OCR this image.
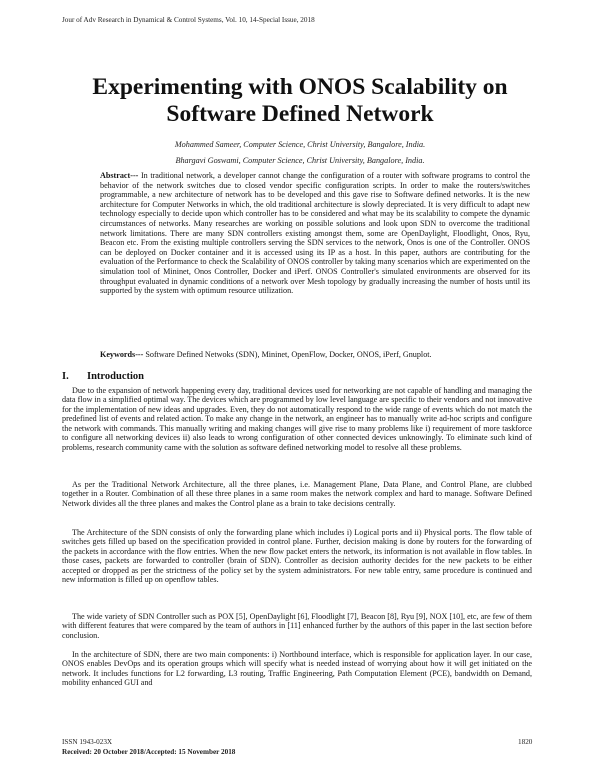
Jour of Adv Research in Dynamical & Control Systems, Vol. 10, 14-Special Issue, 2018
Experimenting with ONOS Scalability on
Software Defined Network
Mohammed Sameer, Computer Science, Christ University, Bangalore, India.
Bhargavi Goswami, Computer Science, Christ University, Bangalore, India.
Abstract--- In traditional network, a developer cannot change the configuration of a router with software programs to control the behavior of the network switches due to closed vendor specific configuration scripts. In order to make the routers/switches programmable, a new architecture of network has to be developed and this gave rise to Software defined networks. It is the new architecture for Computer Networks in which, the old traditional architecture is slowly depreciated. It is very difficult to adapt new technology especially to decide upon which controller has to be considered and what may be its scalability to compete the dynamic circumstances of networks. Many researches are working on possible solutions and look upon SDN to overcome the traditional network limitations. There are many SDN controllers existing amongst them, some are OpenDaylight, Floodlight, Onos, Ryu, Beacon etc. From the existing multiple controllers serving the SDN services to the network, Onos is one of the Controller. ONOS can be deployed on Docker container and it is accessed using its IP as a host. In this paper, authors are contributing for the evaluation of the Performance to check the Scalability of ONOS controller by taking many scenarios which are experimented on the simulation tool of Mininet, Onos Controller, Docker and iPerf. ONOS Controller's simulated environments are observed for its throughput evaluated in dynamic conditions of a network over Mesh topology by gradually increasing the number of hosts until its supported by the system with optimum resource utilization.
Keywords--- Software Defined Netwoks (SDN), Mininet, OpenFlow, Docker, ONOS, iPerf, Gnuplot.
I. Introduction

Due to the expansion of network happening every day, traditional devices used for networking are not capable of handling and managing the data flow in a simplified optimal way. The devices which are programmed by low level language are specific to their vendors and not innovative for the implementation of new ideas and upgrades. Even, they do not automatically respond to the wide range of events which do not match the predefined list of events and related action. To make any change in the network, an engineer has to manually write ad-hoc scripts and configure the network with commands. This manually writing and making changes will give rise to many problems like i) requirement of more taskforce to configure all networking devices ii) also leads to wrong configuration of other connected devices unknowingly. To eliminate such kind of problems, research community came with the solution as software defined networking model to resolve all these problems.

As per the Traditional Network Architecture, all the three planes, i.e. Management Plane, Data Plane, and Control Plane, are clubbed together in a Router. Combination of all these three planes in a same room makes the network complex and hard to manage. Software Defined Network divides all the three planes and makes the Control plane as a brain to take decisions centrally.

The Architecture of the SDN consists of only the forwarding plane which includes i) Logical ports and ii) Physical ports. The flow table of switches gets filled up based on the specification provided in control plane. Further, decision making is done by routers for the forwarding of the packets in accordance with the flow entries. When the new flow packet enters the network, its information is not available in flow tables. In those cases, packets are forwarded to controller (brain of SDN). Controller as decision authority decides for the new packets to be either accepted or dropped as per the strictness of the policy set by the system administrators. For new table entry, same procedure is continued and new information is filled up on openflow tables.

The wide variety of SDN Controller such as POX [5], OpenDaylight [6], Floodlight [7], Beacon [8], Ryu [9], NOX [10], etc, are few of them with different features that were compared by the team of authors in [11] enhanced further by the authors of this paper in the last section before conclusion.

In the architecture of SDN, there are two main components: i) Northbound interface, which is responsible for application layer. In our case, ONOS enables DevOps and its operation groups which will specify what is needed instead of worrying about how it will get initiated on the network. It includes functions for L2 forwarding, L3 routing, Traffic Engineering, Path Computation Element (PCE), bandwidth on Demand, mobility enhanced GUI and

ISSN 1943-023X
Received: 20 October 2018/Accepted: 15 November 2018
1820
